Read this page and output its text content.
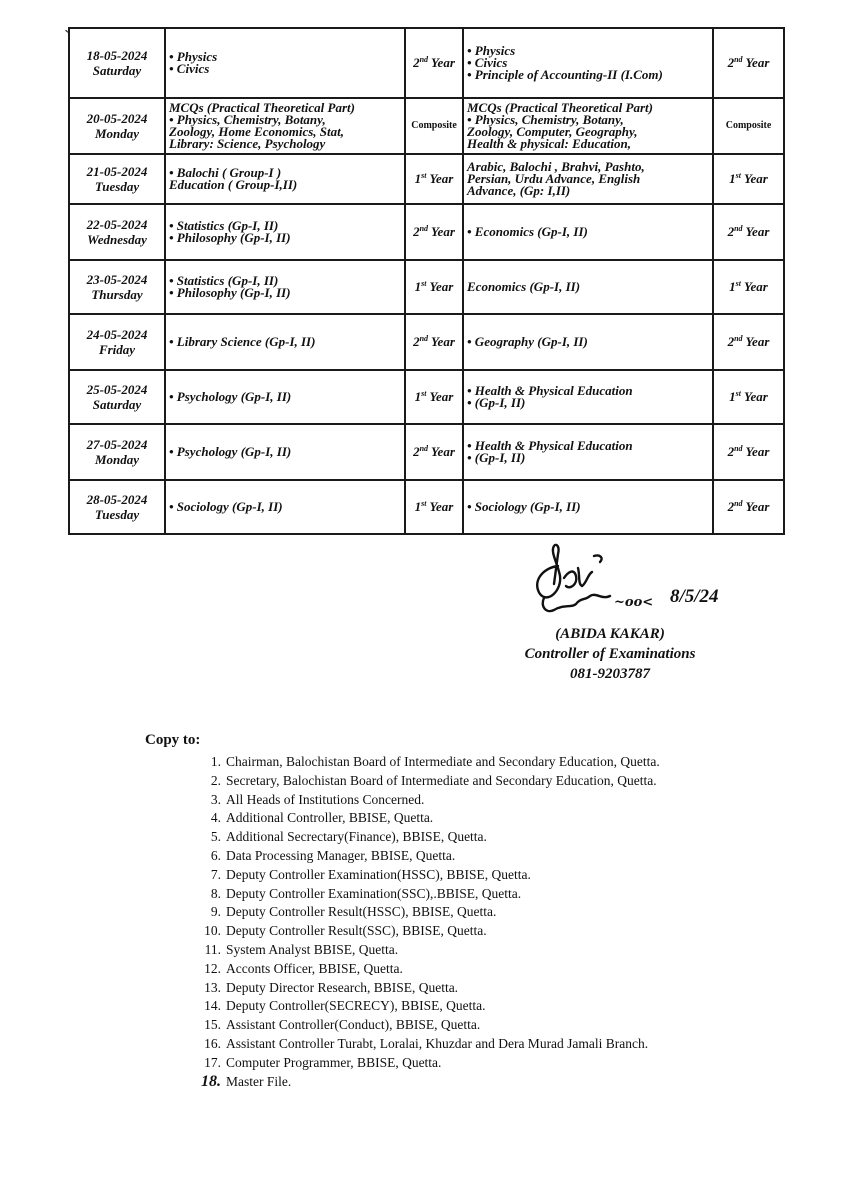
ˎ
18-05-2024
Saturday	• Physics
• Civics	2nd Year	• Physics
• Civics
• Principle of Accounting-II (I.Com)	2nd Year

20-05-2024
Monday	MCQs (Practical Theoretical Part)
• Physics, Chemistry, Botany,
Zoology, Home Economics, Stat,
Library: Science, Psychology	Composite	MCQs (Practical Theoretical Part)
• Physics, Chemistry, Botany,
Zoology, Computer, Geography,
Health & physical: Education,	Composite

21-05-2024
Tuesday	• Balochi ( Group-I )
Education ( Group-I,II)	1st Year	Arabic, Balochi , Brahvi, Pashto,
Persian, Urdu Advance, English
Advance, (Gp: I,II)	1st Year

22-05-2024
Wednesday	• Statistics (Gp-I, II)
• Philosophy (Gp-I, II)	2nd Year	• Economics (Gp-I, II)	2nd Year

23-05-2024
Thursday	• Statistics (Gp-I, II)
• Philosophy (Gp-I, II)	1st Year	Economics (Gp-I, II)	1st Year

24-05-2024
Friday	• Library Science (Gp-I, II)	2nd Year	• Geography (Gp-I, II)	2nd Year

25-05-2024
Saturday	• Psychology (Gp-I, II)	1st Year	• Health & Physical Education
• (Gp-I, II)	1st Year

27-05-2024
Monday	• Psychology (Gp-I, II)	2nd Year	• Health & Physical Education
• (Gp-I, II)	2nd Year

28-05-2024
Tuesday	• Sociology (Gp-I, II)	1st Year	• Sociology (Gp-I, II)	2nd Year
~oo< 8/5/24
(ABIDA KAKAR)
Controller of Examinations
081-9203787
Copy to:
1. Chairman, Balochistan Board of Intermediate and Secondary Education, Quetta.
2. Secretary, Balochistan Board of Intermediate and Secondary Education, Quetta.
3. All Heads of Institutions Concerned.
4. Additional Controller, BBISE, Quetta.
5. Additional Secrectary(Finance), BBISE, Quetta.
6. Data Processing Manager, BBISE, Quetta.
7. Deputy Controller Examination(HSSC), BBISE, Quetta.
8. Deputy Controller Examination(SSC),.BBISE, Quetta.
9. Deputy Controller Result(HSSC), BBISE, Quetta.
10. Deputy Controller Result(SSC), BBISE, Quetta.
11. System Analyst BBISE, Quetta.
12. Acconts Officer, BBISE, Quetta.
13. Deputy Director Research, BBISE, Quetta.
14. Deputy Controller(SECRECY), BBISE, Quetta.
15. Assistant Controller(Conduct), BBISE, Quetta.
16. Assistant Controller Turabt, Loralai, Khuzdar and Dera Murad Jamali Branch.
17. Computer Programmer, BBISE, Quetta.
18. Master File.
